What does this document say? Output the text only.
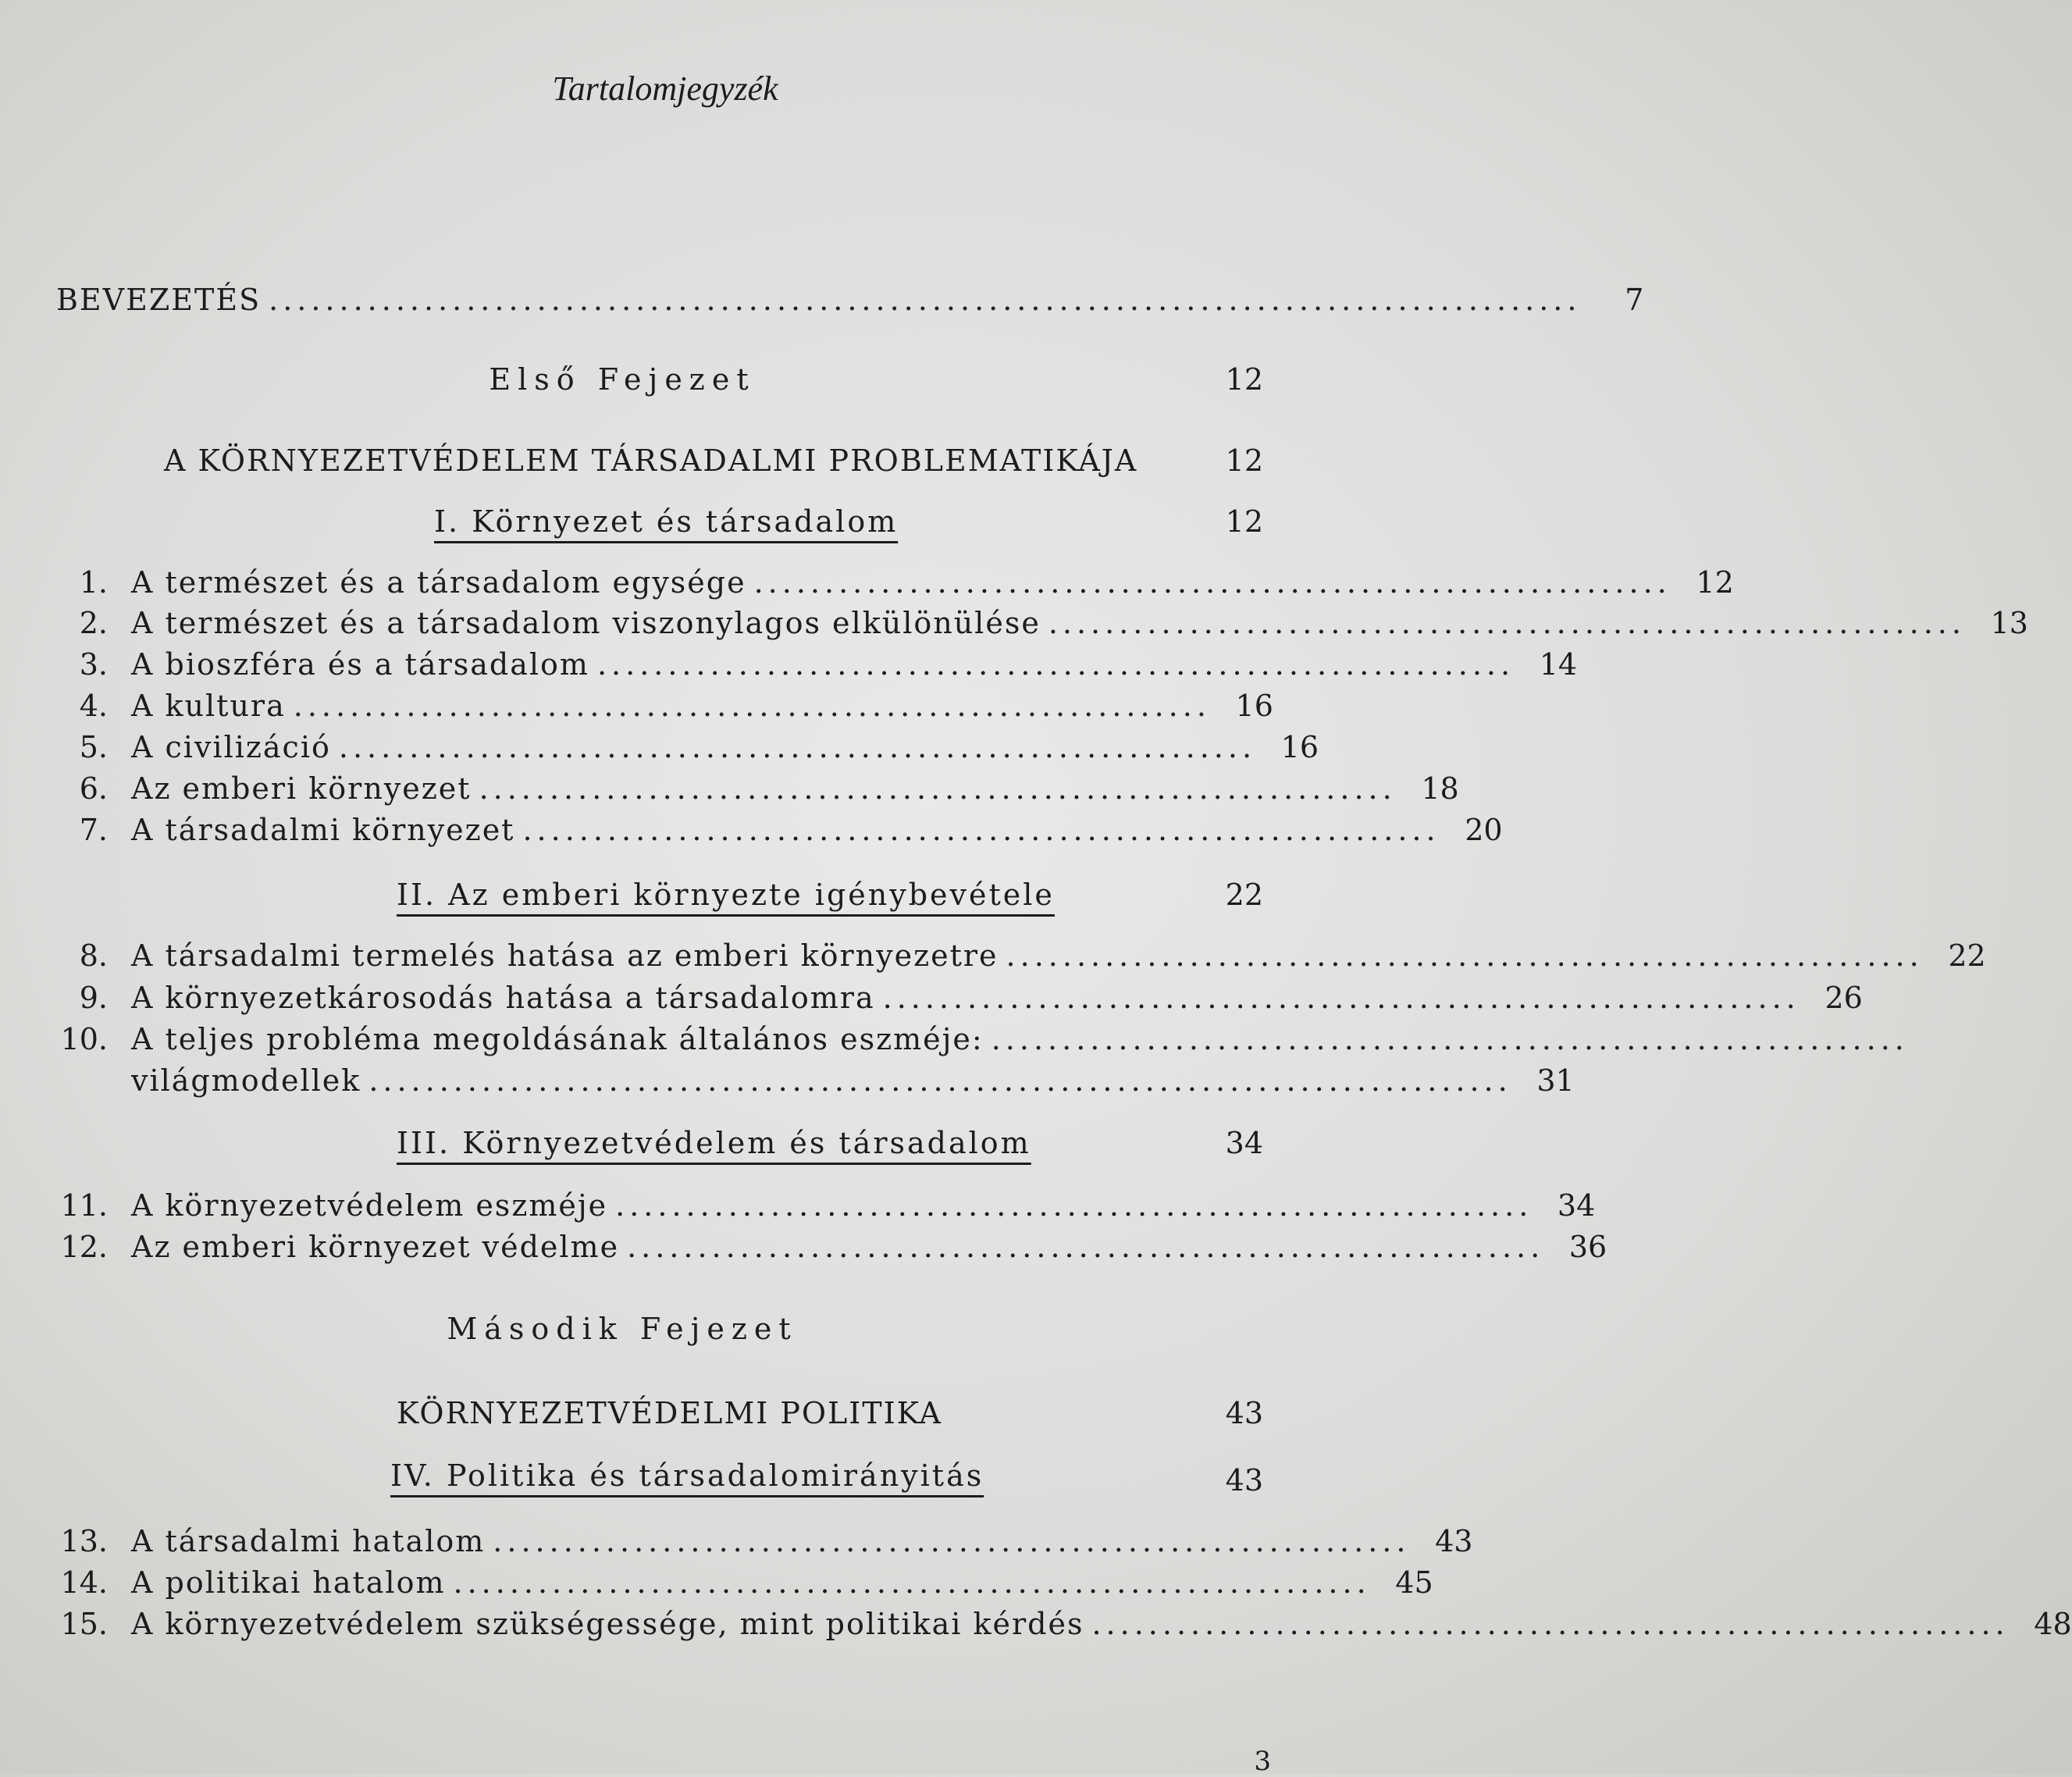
Tartalomjegyzék
BEVEZETÉS .............................................................................................	7
Első Fejezet	12
A KÖRNYEZETVÉDELEM TÁRSADALMI PROBLEMATIKÁJA	12
I. Környezet és társadalom	12
1. A természet és a társadalom egysége ................................................................. 12
2. A természet és a társadalom viszonylagos elkülönülése ................................................................. 13
3. A bioszféra és a társadalom ................................................................. 14
4. A kultura ................................................................. 16
5. A civilizáció ................................................................. 16
6. Az emberi környezet ................................................................. 18
7. A társadalmi környezet ................................................................. 20
II. Az emberi környezte igénybevétele	22
8. A társadalmi termelés hatása az emberi környezetre ................................................................. 22
9. A környezetkárosodás hatása a társadalomra ................................................................. 26
10. A teljes probléma megoldásának általános eszméje: .................................................................
világmodellek ................................................................................. 31
III. Környezetvédelem és társadalom	34
11. A környezetvédelem eszméje ................................................................. 34
12. Az emberi környezet védelme ................................................................. 36
Második Fejezet
KÖRNYEZETVÉDELMI POLITIKA	43
IV. Politika és társadalomirányitás	43
13. A társadalmi hatalom ................................................................. 43
14. A politikai hatalom ................................................................. 45
15. A környezetvédelem szükségessége, mint politikai kérdés ................................................................. 48
3
